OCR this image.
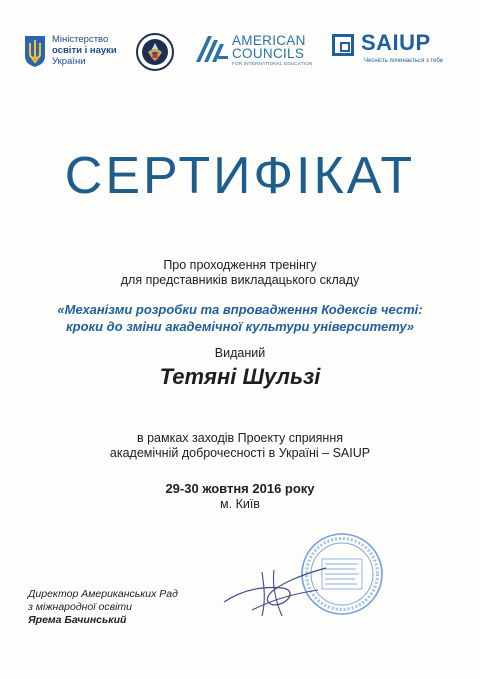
Міністерство
освіти і науки
України
AMERICAN
COUNCILS
FOR INTERNATIONAL EDUCATION
SAIUP
Чесність починається з тебе
СЕРТИФІКАТ
Про проходження тренінгу
для представників викладацького складу
«Механізми розробки та впровадження Кодексів честі:
кроки до зміни академічної культури університету»
Виданий
Тетяні Шульзі
в рамках заходів Проекту сприяння
академічній доброчесності в Україні – SAIUP
29-30 жовтня 2016 року
м. Київ
Директор Американських Рад
з міжнародної освіти
Ярема Бачинський
